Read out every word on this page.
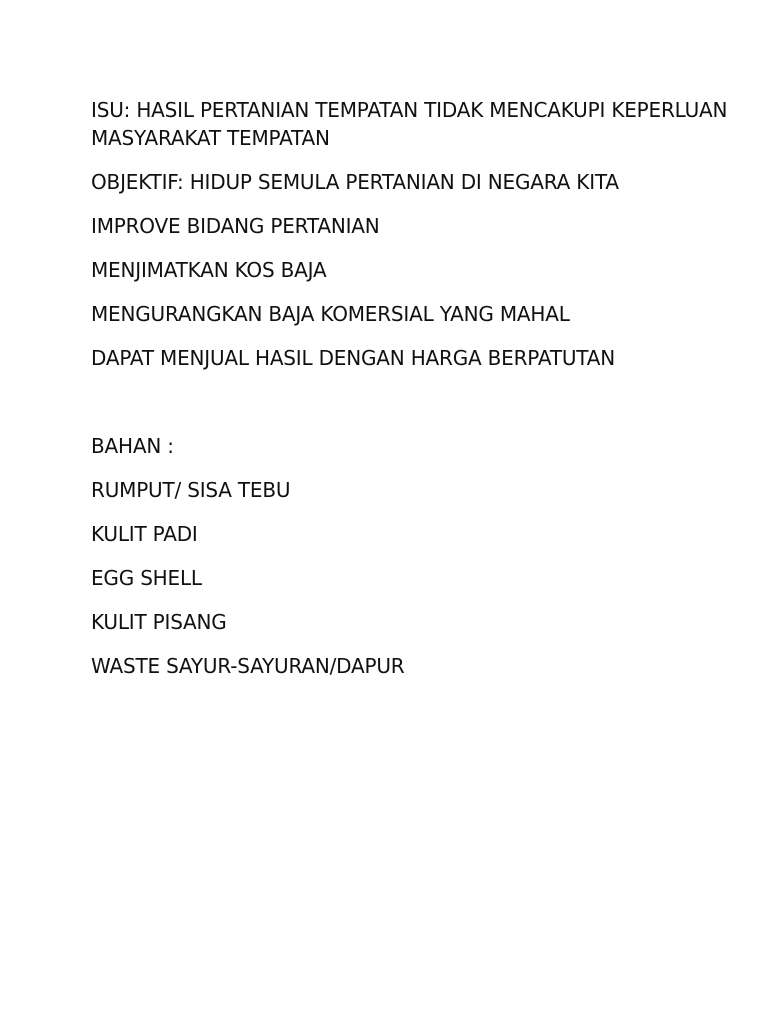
ISU: HASIL PERTANIAN TEMPATAN TIDAK MENCAKUPI KEPERLUAN MASYARAKAT TEMPATAN

OBJEKTIF: HIDUP SEMULA PERTANIAN DI NEGARA KITA

IMPROVE BIDANG PERTANIAN

MENJIMATKAN KOS BAJA

MENGURANGKAN BAJA KOMERSIAL YANG MAHAL

DAPAT MENJUAL HASIL DENGAN HARGA BERPATUTAN

BAHAN :

RUMPUT/ SISA TEBU

KULIT PADI

EGG SHELL

KULIT PISANG

WASTE SAYUR-SAYURAN/DAPUR
